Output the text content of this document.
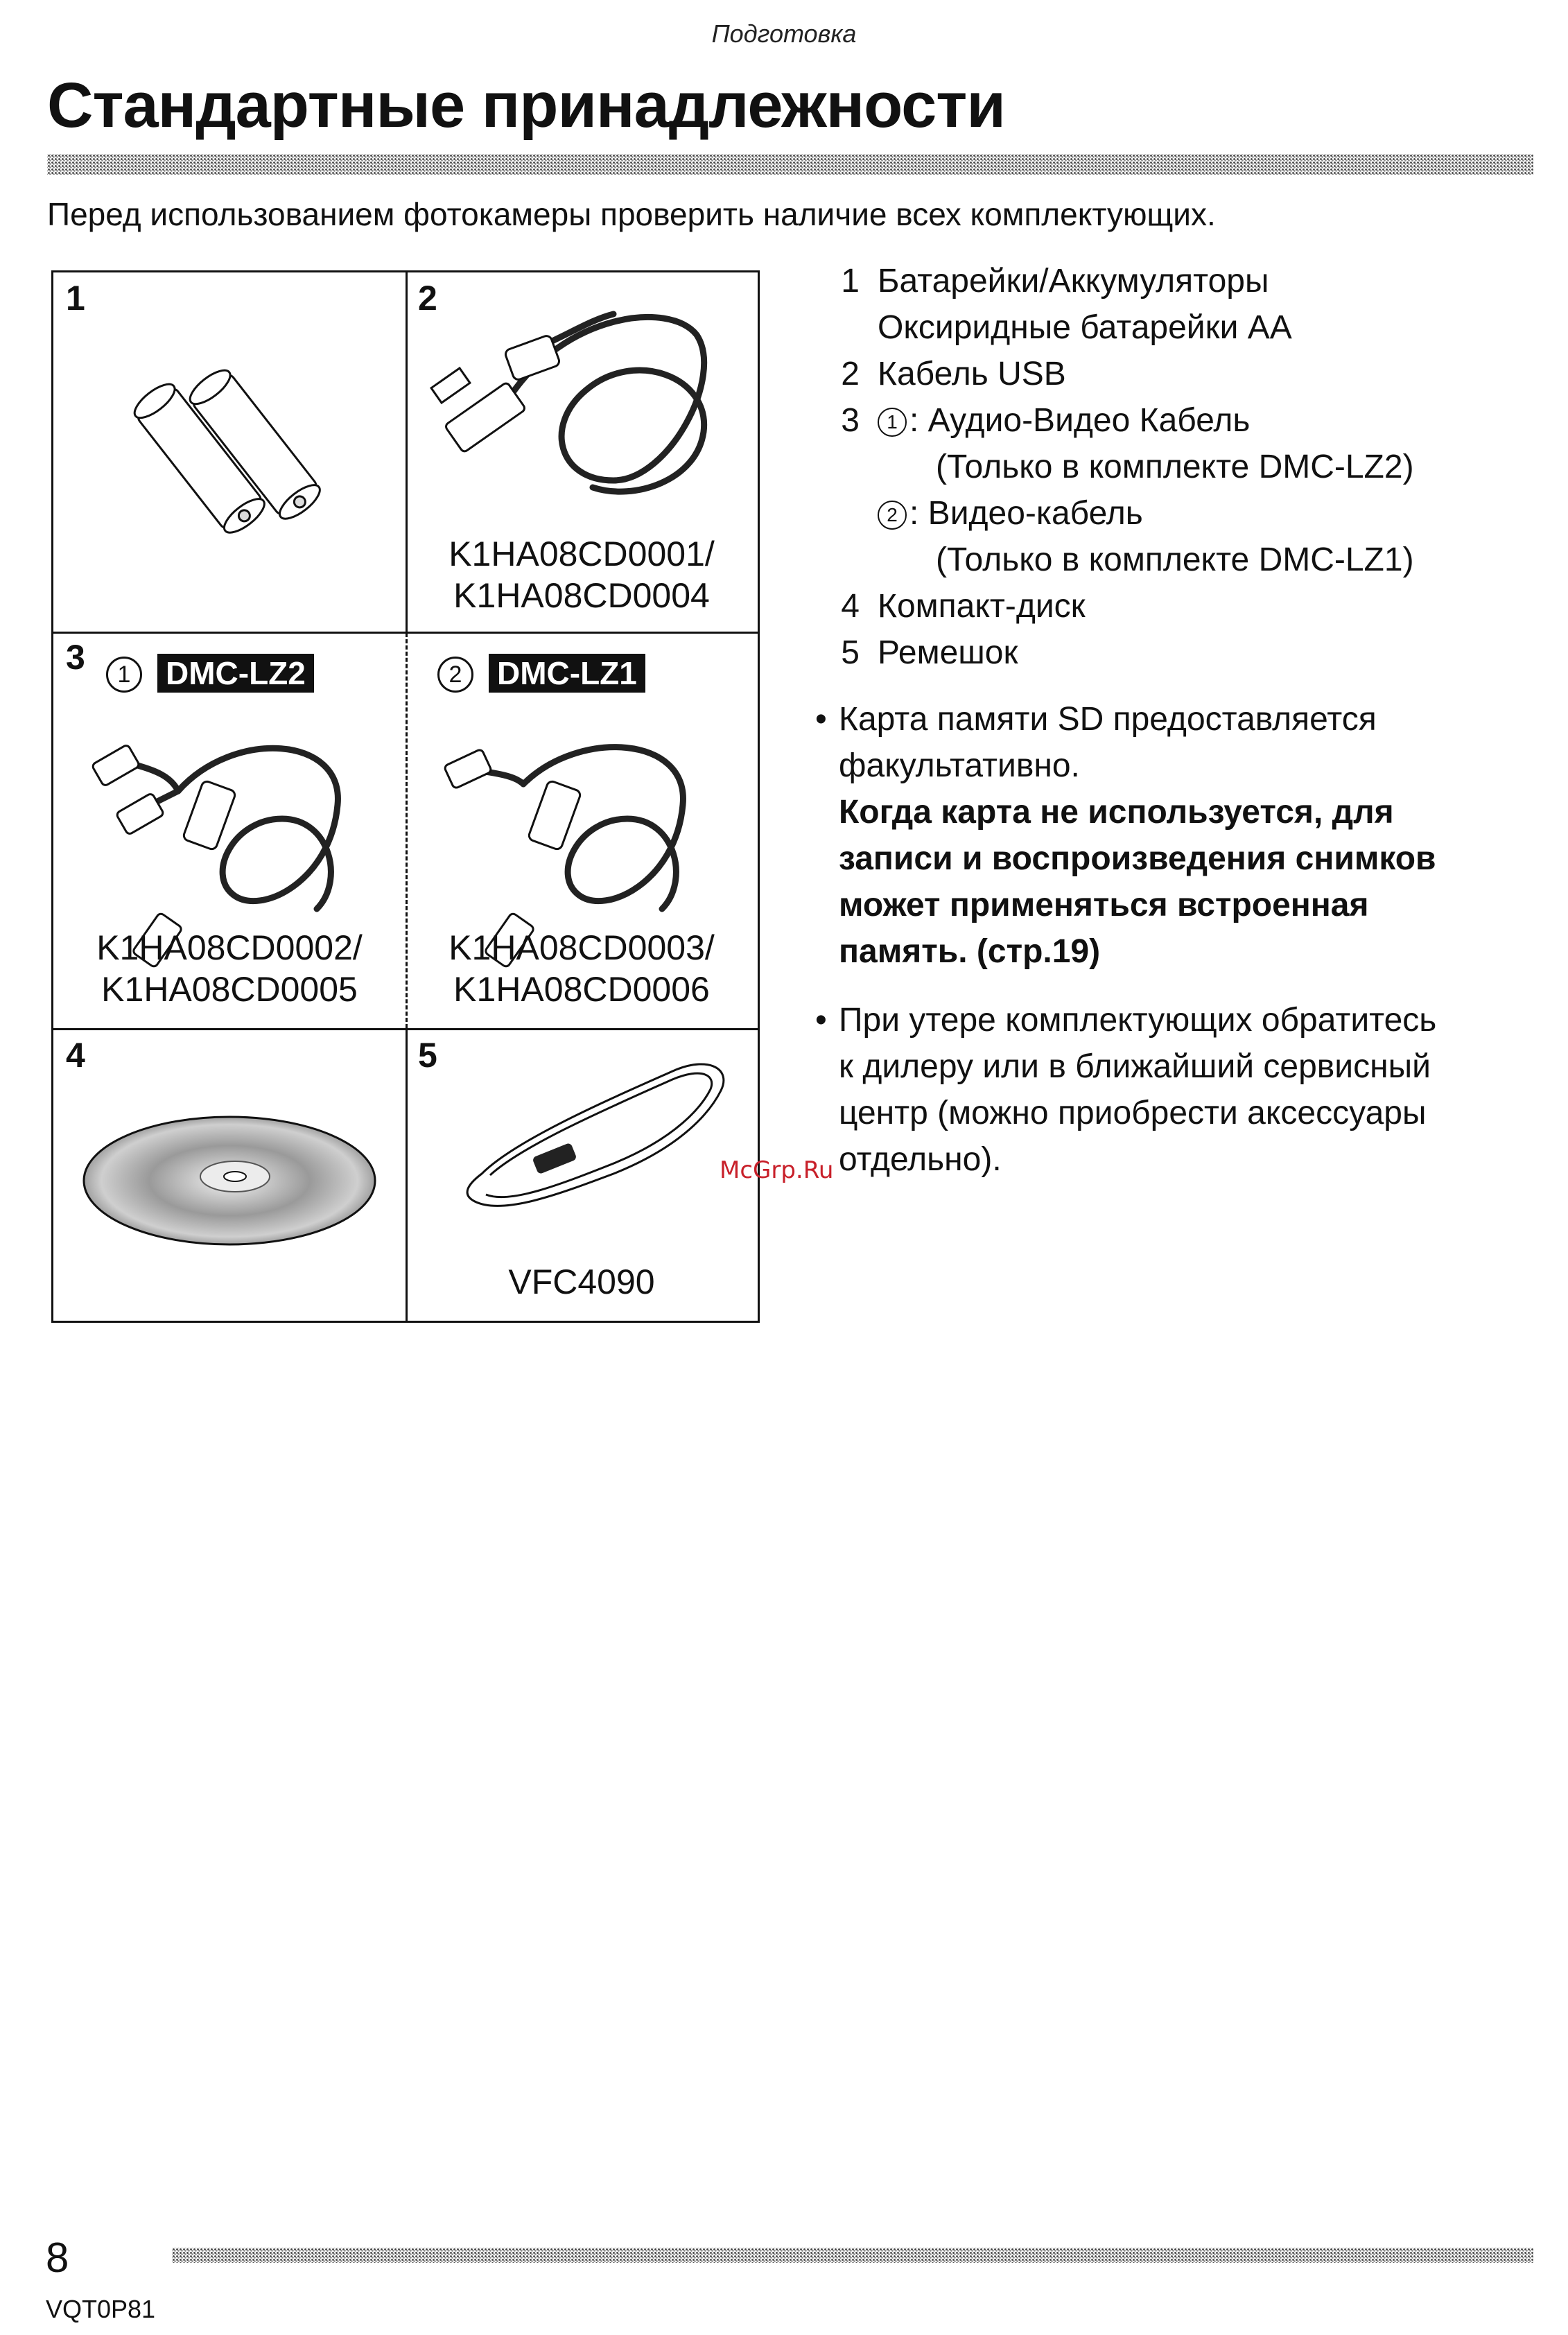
Подготовка
Стандартные принадлежности
Перед использованием фотокамеры проверить наличие всех комплектующих.
1	2
K1HA08CD0001/
K1HA08CD0004
3	1	DMC-LZ2
K1HA08CD0002/
K1HA08CD0005
2	DMC-LZ1
K1HA08CD0003/
K1HA08CD0006
4	5
VFC4090
1 Батарейки/Аккумуляторы
Оксиридные батарейки AA
2 Кабель USB
3	1 : Аудио-Видео Кабель
(Только в комплекте DMC-LZ2)
2 : Видео-кабель
(Только в комплекте DMC-LZ1)
4 Компакт-диск
5 Ремешок
• Карта памяти SD предоставляется
факультативно.
Когда карта не используется, для
записи и воспроизведения снимков
может применяться встроенная
память. (стр.19)
• При утере комплектующих обратитесь
к дилеру или в ближайший сервисный
центр (можно приобрести аксессуары
отдельно).
McGrp.Ru
8
VQT0P81
